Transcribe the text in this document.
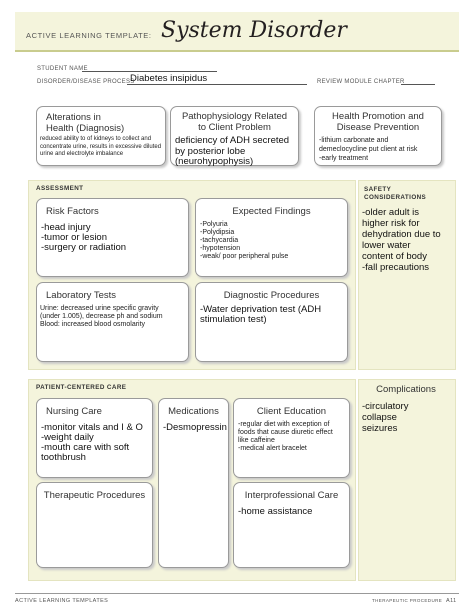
ACTIVE LEARNING TEMPLATE: System Disorder
STUDENT NAME
DISORDER/DISEASE PROCESS
Diabetes insipidus	REVIEW MODULE CHAPTER
Alterations in Health (Diagnosis)
reduced ability to of kidneys to collect and concentrate urine, results in excessive diluted urine and electrolyte imbalance
Pathophysiology Related to Client Problem
deficiency of ADH secreted by posterior lobe (neurohypophysis)
Health Promotion and Disease Prevention
-lithium carbonate and
demeclocycline put client at risk
-early treatment
ASSESSMENT
Risk Factors
-head injury
-tumor or lesion
-surgery or radiation
Expected Findings
-Polyuria
-Polydipsia
-tachycardia
-hypotension
-weak/ poor peripheral pulse
Laboratory Tests
Urine: decreased urine specific gravity
(under 1.005), decrease ph and sodium
Blood: increased blood osmolarity
Diagnostic Procedures
-Water deprivation test (ADH
stimulation test)
SAFETY
CONSIDERATIONS
-older adult is
higher risk for
dehydration due to
lower water
content of body
-fall precautions
PATIENT-CENTERED CARE
Nursing Care
-monitor vitals and I & O
-weight daily
-mouth care with soft
toothbrush
Medications
-Desmopressin
Client Education
-regular diet with exception of
foods that cause diuretic effect
like caffeine
-medical alert bracelet
Therapeutic Procedures	Interprofessional Care
-home assistance
Complications
-circulatory
collapse
seizures
ACTIVE LEARNING TEMPLATES	THERAPEUTIC PROCEDURE A11
